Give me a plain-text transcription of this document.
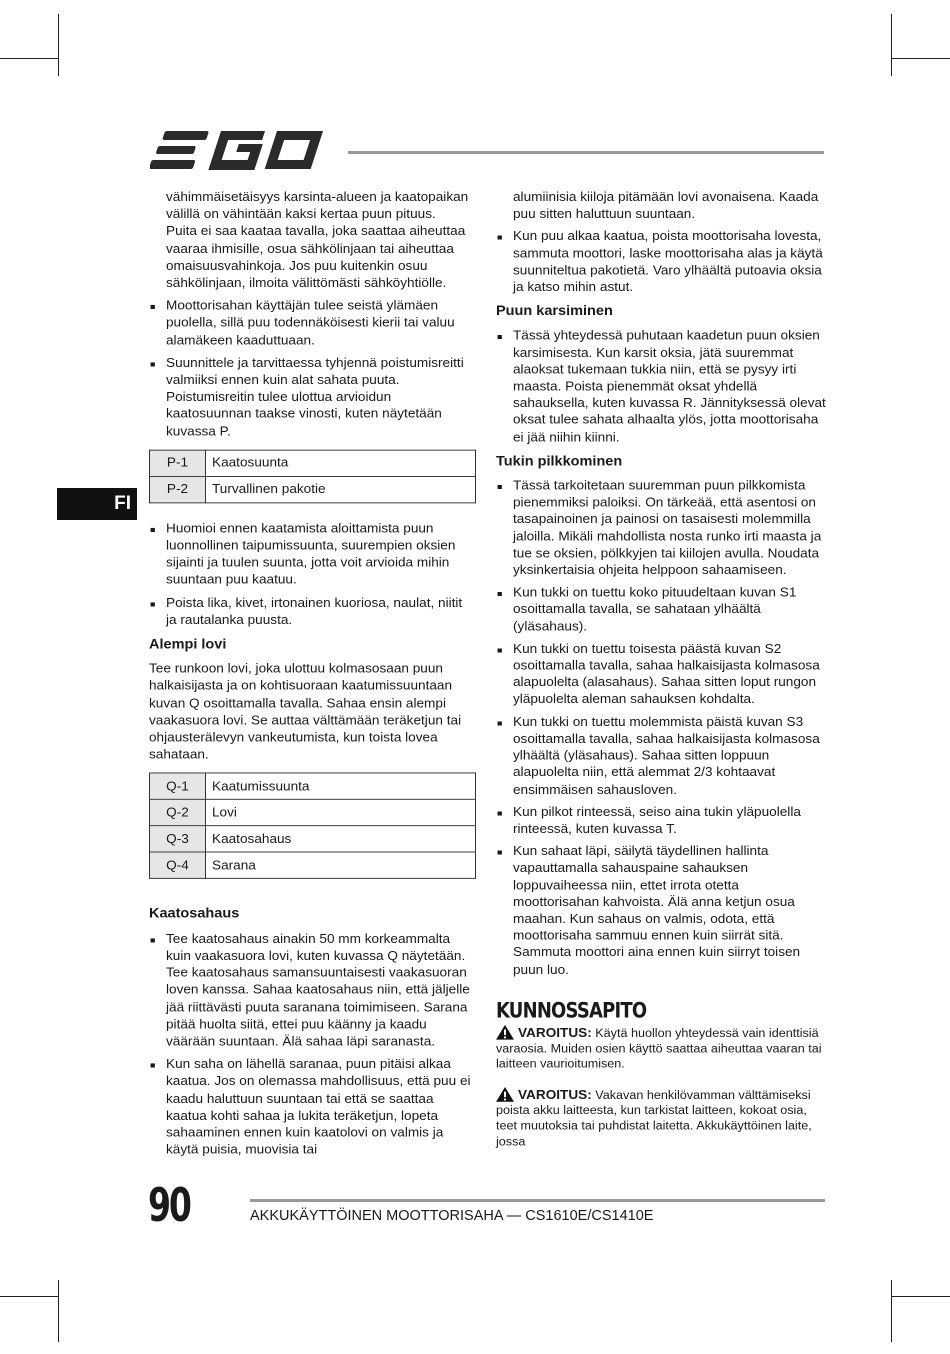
FI

vähimmäisetäisyys karsinta-alueen ja kaatopaikan välillä on vähintään kaksi kertaa puun pituus.

Puita ei saa kaataa tavalla, joka saattaa aiheuttaa vaaraa ihmisille, osua sähkölinjaan tai aiheuttaa omaisuusvahinkoja. Jos puu kuitenkin osuu sähkölinjaan, ilmoita välittömästi sähköyhtiölle.

■ Moottorisahan käyttäjän tulee seistä ylämäen puolella, sillä puu todennäköisesti kierii tai valuu alamäkeen kaaduttuaan.
■ Suunnittele ja tarvittaessa tyhjennä poistumisreitti valmiiksi ennen kuin alat sahata puuta. Poistumisreitin tulee ulottua arvioidun kaatosuunnan taakse vinosti, kuten näytetään kuvassa P.
P-1	Kaatosuunta
P-2	Turvallinen pakotie
■ Huomioi ennen kaatamista aloittamista puun luonnollinen taipumissuunta, suurempien oksien sijainti ja tuulen suunta, jotta voit arvioida mihin suuntaan puu kaatuu.
■ Poista lika, kivet, irtonainen kuoriosa, naulat, niitit ja rautalanka puusta.
Alempi lovi

Tee runkoon lovi, joka ulottuu kolmasosaan puun halkaisijasta ja on kohtisuoraan kaatumissuuntaan kuvan Q osoittamalla tavalla. Sahaa ensin alempi vaakasuora lovi. Se auttaa välttämään teräketjun tai ohjausterälevyn vankeutumista, kun toista lovea sahataan.

Q-1	Kaatumissuunta
Q-2	Lovi
Q-3	Kaatosahaus
Q-4	Sarana
Kaatosahaus
■ Tee kaatosahaus ainakin 50 mm korkeammalta kuin vaakasuora lovi, kuten kuvassa Q näytetään. Tee kaatosahaus samansuuntaisesti vaakasuoran loven kanssa. Sahaa kaatosahaus niin, että jäljelle jää riittävästi puuta saranana toimimiseen. Sarana pitää huolta siitä, ettei puu käänny ja kaadu väärään suuntaan. Älä sahaa läpi saranasta.
■ Kun saha on lähellä saranaa, puun pitäisi alkaa kaatua. Jos on olemassa mahdollisuus, että puu ei kaadu haluttuun suuntaan tai että se saattaa kaatua kohti sahaa ja lukita teräketjun, lopeta sahaaminen ennen kuin kaatolovi on valmis ja käytä puisia, muovisia tai

alumiinisia kiiloja pitämään lovi avonaisena. Kaada puu sitten haluttuun suuntaan.

■ Kun puu alkaa kaatua, poista moottorisaha lovesta, sammuta moottori, laske moottorisaha alas ja käytä suunniteltua pakotietä. Varo ylhäältä putoavia oksia ja katso mihin astut.
Puun karsiminen
■ Tässä yhteydessä puhutaan kaadetun puun oksien karsimisesta. Kun karsit oksia, jätä suuremmat alaoksat tukemaan tukkia niin, että se pysyy irti maasta. Poista pienemmät oksat yhdellä sahauksella, kuten kuvassa R. Jännityksessä olevat oksat tulee sahata alhaalta ylös, jotta moottorisaha ei jää niihin kiinni.
Tukin pilkkominen
■ Tässä tarkoitetaan suuremman puun pilkkomista pienemmiksi paloiksi. On tärkeää, että asentosi on tasapainoinen ja painosi on tasaisesti molemmilla jaloilla. Mikäli mahdollista nosta runko irti maasta ja tue se oksien, pölkkyjen tai kiilojen avulla. Noudata yksinkertaisia ohjeita helppoon sahaamiseen.
■ Kun tukki on tuettu koko pituudeltaan kuvan S1 osoittamalla tavalla, se sahataan ylhäältä (yläsahaus).
■ Kun tukki on tuettu toisesta päästä kuvan S2 osoittamalla tavalla, sahaa halkaisijasta kolmasosa alapuolelta (alasahaus). Sahaa sitten loput rungon yläpuolelta aleman sahauksen kohdalta.
■ Kun tukki on tuettu molemmista päistä kuvan S3 osoittamalla tavalla, sahaa halkaisijasta kolmasosa ylhäältä (yläsahaus). Sahaa sitten loppuun alapuolelta niin, että alemmat 2/3 kohtaavat ensimmäisen sahausloven.
■ Kun pilkot rinteessä, seiso aina tukin yläpuolella rinteessä, kuten kuvassa T.
■ Kun sahaat läpi, säilytä täydellinen hallinta vapauttamalla sahauspaine sahauksen loppuvaiheessa niin, ettet irrota otetta moottorisahan kahvoista. Älä anna ketjun osua maahan. Kun sahaus on valmis, odota, että moottorisaha sammuu ennen kuin siirrät sitä. Sammuta moottori aina ennen kuin siirryt toisen puun luo.
KUNNOSSAPITO
VAROITUS: Käytä huollon yhteydessä vain identtisiä varaosia. Muiden osien käyttö saattaa aiheuttaa vaaran tai laitteen vaurioitumisen.
VAROITUS: Vakavan henkilövamman välttämiseksi poista akku laitteesta, kun tarkistat laitteen, kokoat osia, teet muutoksia tai puhdistat laitetta. Akkukäyttöinen laite, jossa
90	AKKUKÄYTTÖINEN MOOTTORISAHA — CS1610E/CS1410E
